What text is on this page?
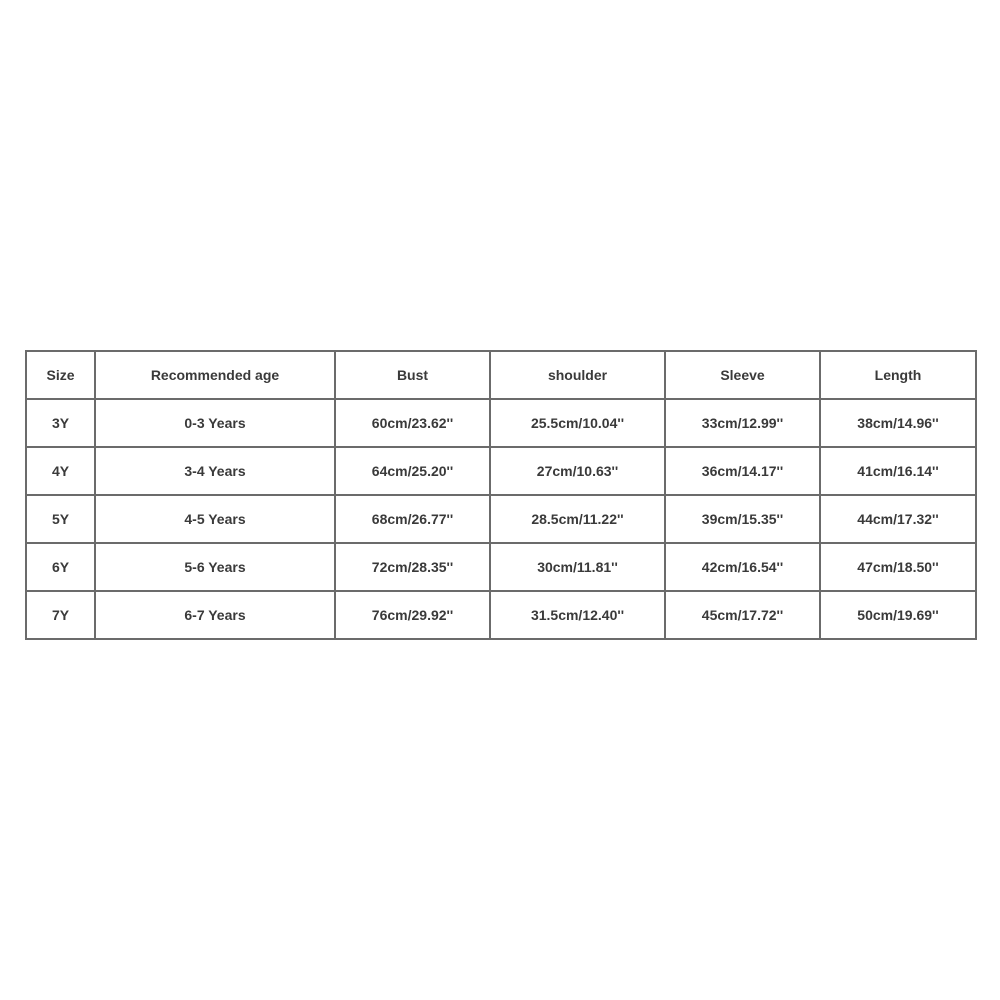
Size	Recommended age	Bust	shoulder	Sleeve	Length
3Y	0-3 Years	60cm/23.62''	25.5cm/10.04''	33cm/12.99''	38cm/14.96''
4Y	3-4 Years	64cm/25.20''	27cm/10.63''	36cm/14.17''	41cm/16.14''
5Y	4-5 Years	68cm/26.77''	28.5cm/11.22''	39cm/15.35''	44cm/17.32''
6Y	5-6 Years	72cm/28.35''	30cm/11.81''	42cm/16.54''	47cm/18.50''
7Y	6-7 Years	76cm/29.92''	31.5cm/12.40''	45cm/17.72''	50cm/19.69''
